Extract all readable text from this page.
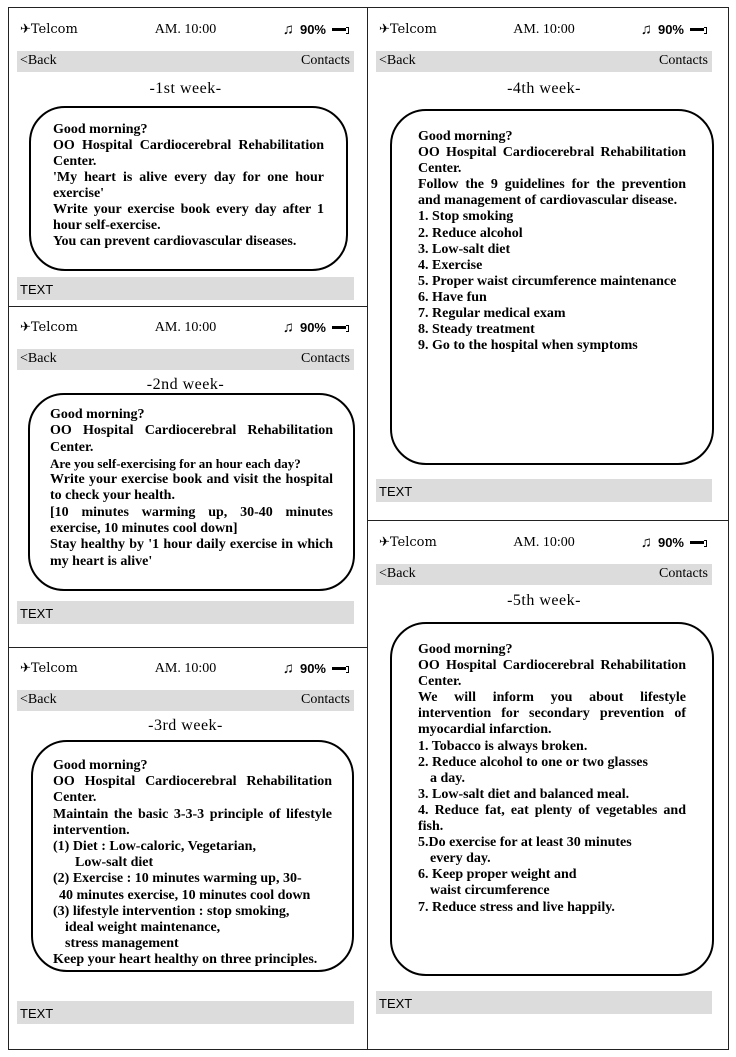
✈Telcom	AM. 10:00	♫ 90%
<Back	Contacts
-1st week-

Good morning?

OO Hospital Cardiocerebral Rehabilitation Center.

'My heart is alive every day for one hour exercise'

Write your exercise book every day after 1 hour self-exercise.

You can prevent cardiovascular diseases.

TEXT
✈Telcom	AM. 10:00	♫ 90%
<Back	Contacts
-2nd week-

Good morning?

OO Hospital Cardiocerebral Rehabilitation Center.

Are you self-exercising for an hour each day?

Write your exercise book and visit the hospital to check your health.

[10 minutes warming up, 30-40 minutes exercise, 10 minutes cool down]

Stay healthy by '1 hour daily exercise in which my heart is alive'

TEXT
✈Telcom	AM. 10:00	♫ 90%
<Back	Contacts
-3rd week-

Good morning?

OO Hospital Cardiocerebral Rehabilitation Center.

Maintain the basic 3-3-3 principle of lifestyle intervention.

(1) Diet : Low-caloric, Vegetarian,

Low-salt diet

(2) Exercise : 10 minutes warming up, 30-

40 minutes exercise, 10 minutes cool down

(3) lifestyle intervention : stop smoking,

ideal weight maintenance,

stress management

Keep your heart healthy on three principles.

TEXT
✈Telcom	AM. 10:00	♫ 90%
<Back	Contacts
-4th week-

Good morning?

OO Hospital Cardiocerebral Rehabilitation Center.

Follow the 9 guidelines for the prevention and management of cardiovascular disease.

1. Stop smoking

2. Reduce alcohol

3. Low-salt diet

4. Exercise

5. Proper waist circumference maintenance

6. Have fun

7. Regular medical exam

8. Steady treatment

9. Go to the hospital when symptoms

TEXT
✈Telcom	AM. 10:00	♫ 90%
<Back	Contacts
-5th week-

Good morning?

OO Hospital Cardiocerebral Rehabilitation Center.

We will inform you about lifestyle intervention for secondary prevention of myocardial infarction.

1. Tobacco is always broken.

2. Reduce alcohol to one or two glasses

a day.

3. Low-salt diet and balanced meal.

4. Reduce fat, eat plenty of vegetables and fish.

5.Do exercise for at least 30 minutes

every day.

6. Keep proper weight and

waist circumference

7. Reduce stress and live happily.

TEXT
